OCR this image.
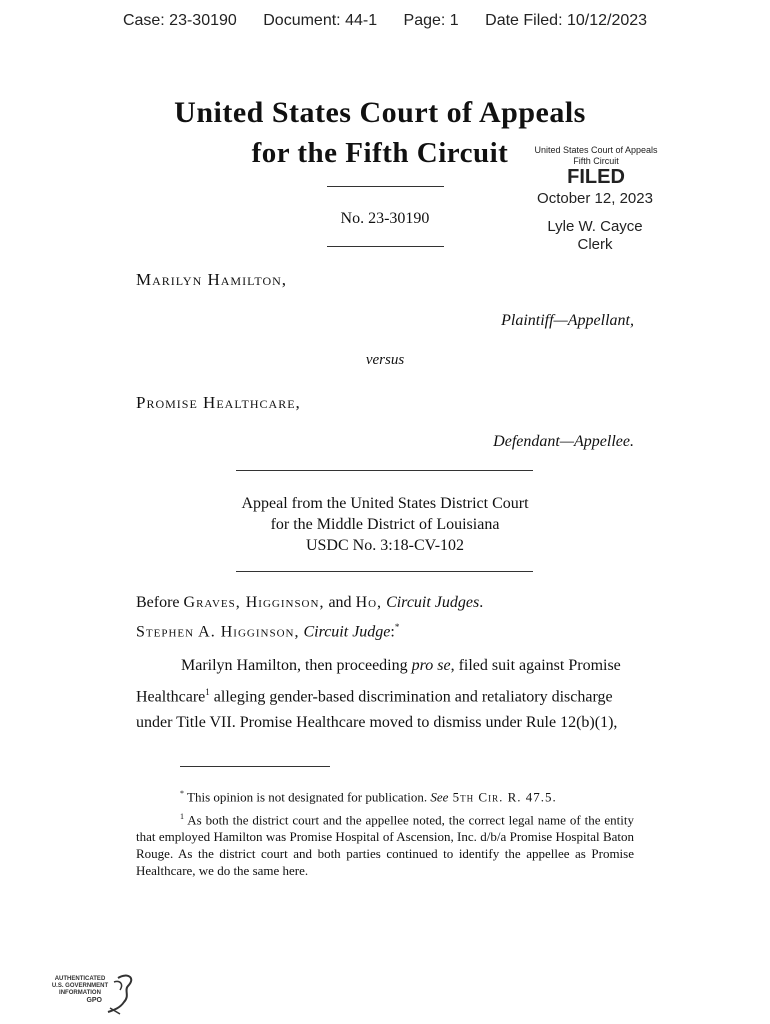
Case: 23-30190 Document: 44-1 Page: 1 Date Filed: 10/12/2023
United States Court of Appeals
for the Fifth Circuit	United States Court of Appeals
Fifth Circuit
FILED
October 12, 2023
Lyle W. Cayce
Clerk
No. 23-30190
Marilyn Hamilton,
Plaintiff—Appellant,
versus
Promise Healthcare,
Defendant—Appellee.
Appeal from the United States District Court
for the Middle District of Louisiana
USDC No. 3:18-CV-102
Before Graves, Higginson, and Ho, Circuit Judges.
Stephen A. Higginson, Circuit Judge:*
Marilyn Hamilton, then proceeding pro se, filed suit against Promise
Healthcare$^1$ alleging gender-based discrimination and retaliatory discharge
under Title VII. Promise Healthcare moved to dismiss under Rule 12(b)(1),
* This opinion is not designated for publication. See 5th Cir. R. 47.5.
$^1$ As both the district court and the appellee noted, the correct legal name of the entity that employed Hamilton was Promise Hospital of Ascension, Inc. d/b/a Promise Hospital Baton Rouge. As the district court and both parties continued to identify the appellee as Promise Healthcare, we do the same here.
AUTHENTICATED
U.S. GOVERNMENT
INFORMATION
GPO
